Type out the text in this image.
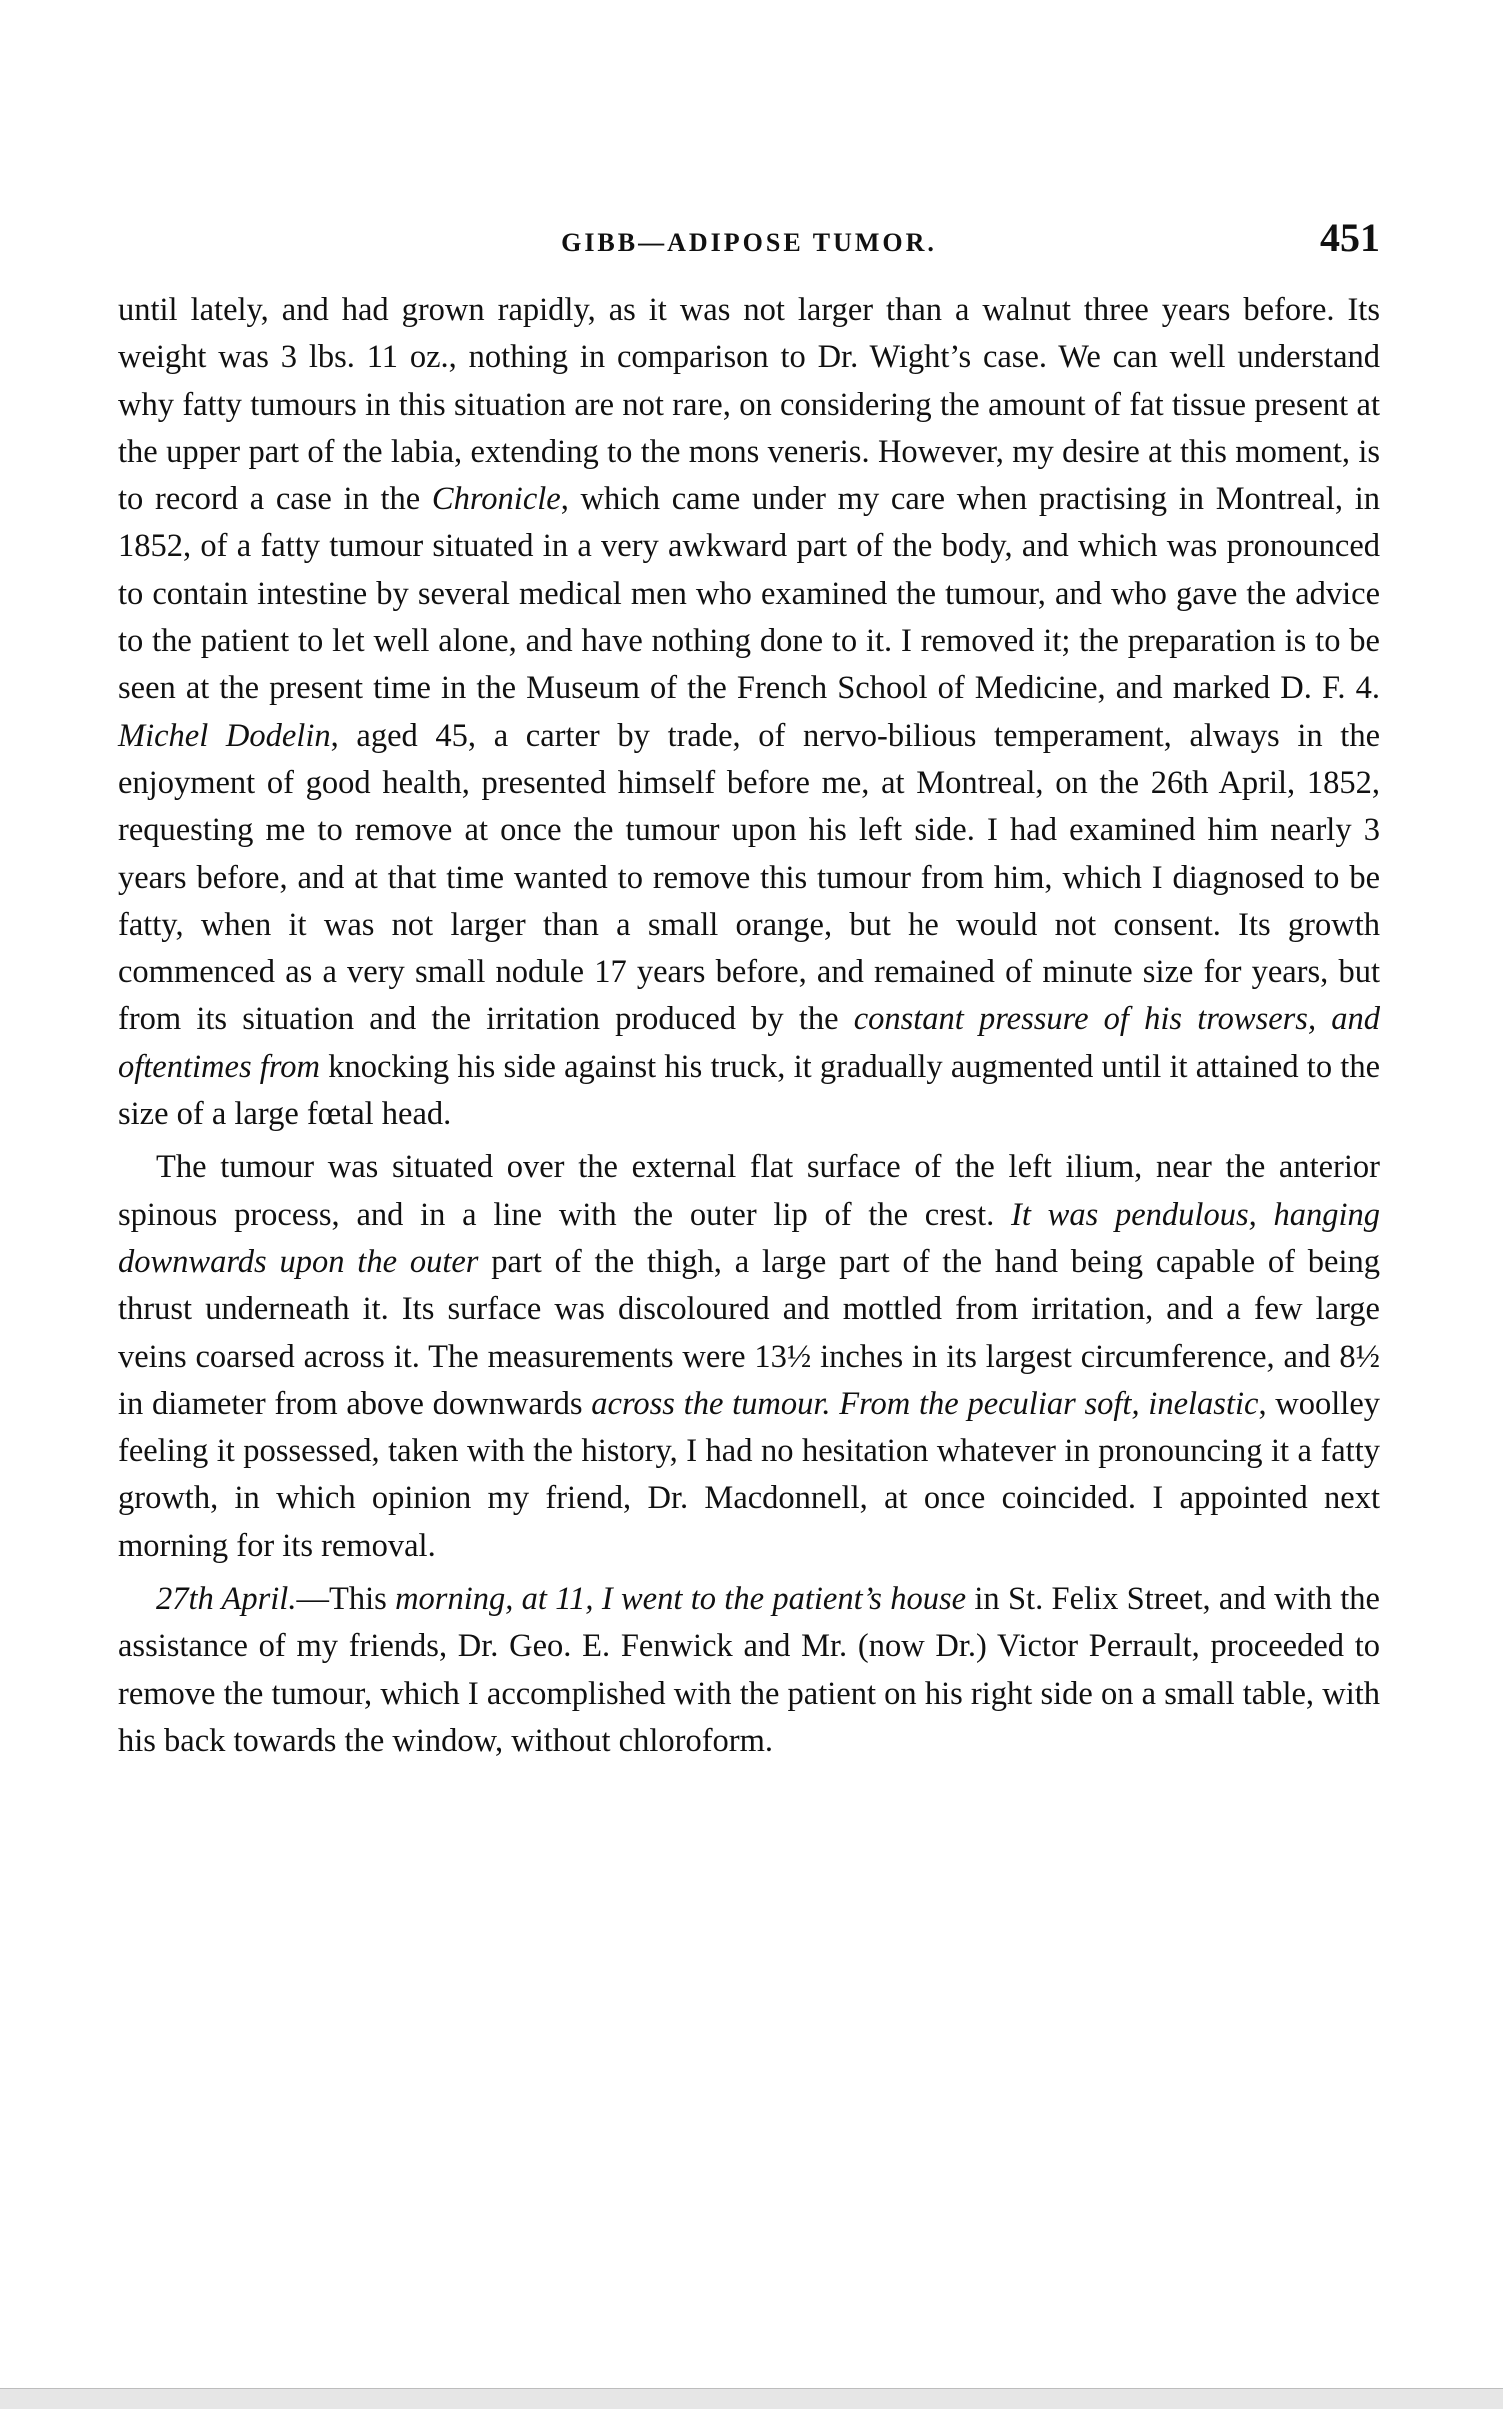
GIBB—ADIPOSE TUMOR.	451

until lately, and had grown rapidly, as it was not larger than a walnut three years before. Its weight was 3 lbs. 11 oz., nothing in comparison to Dr. Wight’s case. We can well understand why fatty tumours in this situation are not rare, on considering the amount of fat tissue present at the upper part of the labia, extending to the mons veneris. However, my desire at this moment, is to record a case in the Chronicle, which came under my care when practising in Montreal, in 1852, of a fatty tumour situated in a very awkward part of the body, and which was pronounced to contain intestine by several medical men who examined the tumour, and who gave the advice to the patient to let well alone, and have nothing done to it. I removed it; the preparation is to be seen at the present time in the Museum of the French School of Medicine, and marked D. F. 4. Michel Dodelin, aged 45, a carter by trade, of nervo-bilious temperament, always in the enjoyment of good health, presented himself before me, at Montreal, on the 26th April, 1852, requesting me to remove at once the tumour upon his left side. I had examined him nearly 3 years before, and at that time wanted to remove this tumour from him, which I diagnosed to be fatty, when it was not larger than a small orange, but he would not consent. Its growth commenced as a very small nodule 17 years before, and remained of minute size for years, but from its situation and the irritation produced by the constant pressure of his trowsers, and oftentimes from knocking his side against his truck, it gradually augmented until it attained to the size of a large fœtal head.

The tumour was situated over the external flat surface of the left ilium, near the anterior spinous process, and in a line with the outer lip of the crest. It was pendulous, hanging downwards upon the outer part of the thigh, a large part of the hand being capable of being thrust underneath it. Its surface was discoloured and mottled from irritation, and a few large veins coarsed across it. The measurements were 13½ inches in its largest circumference, and 8½ in diameter from above downwards across the tumour. From the peculiar soft, inelastic, woolley feeling it possessed, taken with the history, I had no hesitation whatever in pronouncing it a fatty growth, in which opinion my friend, Dr. Macdonnell, at once coincided. I appointed next morning for its removal.

27th April.—This morning, at 11, I went to the patient’s house in St. Felix Street, and with the assistance of my friends, Dr. Geo. E. Fenwick and Mr. (now Dr.) Victor Perrault, proceeded to remove the tumour, which I accomplished with the patient on his right side on a small table, with his back towards the window, without chloroform.
